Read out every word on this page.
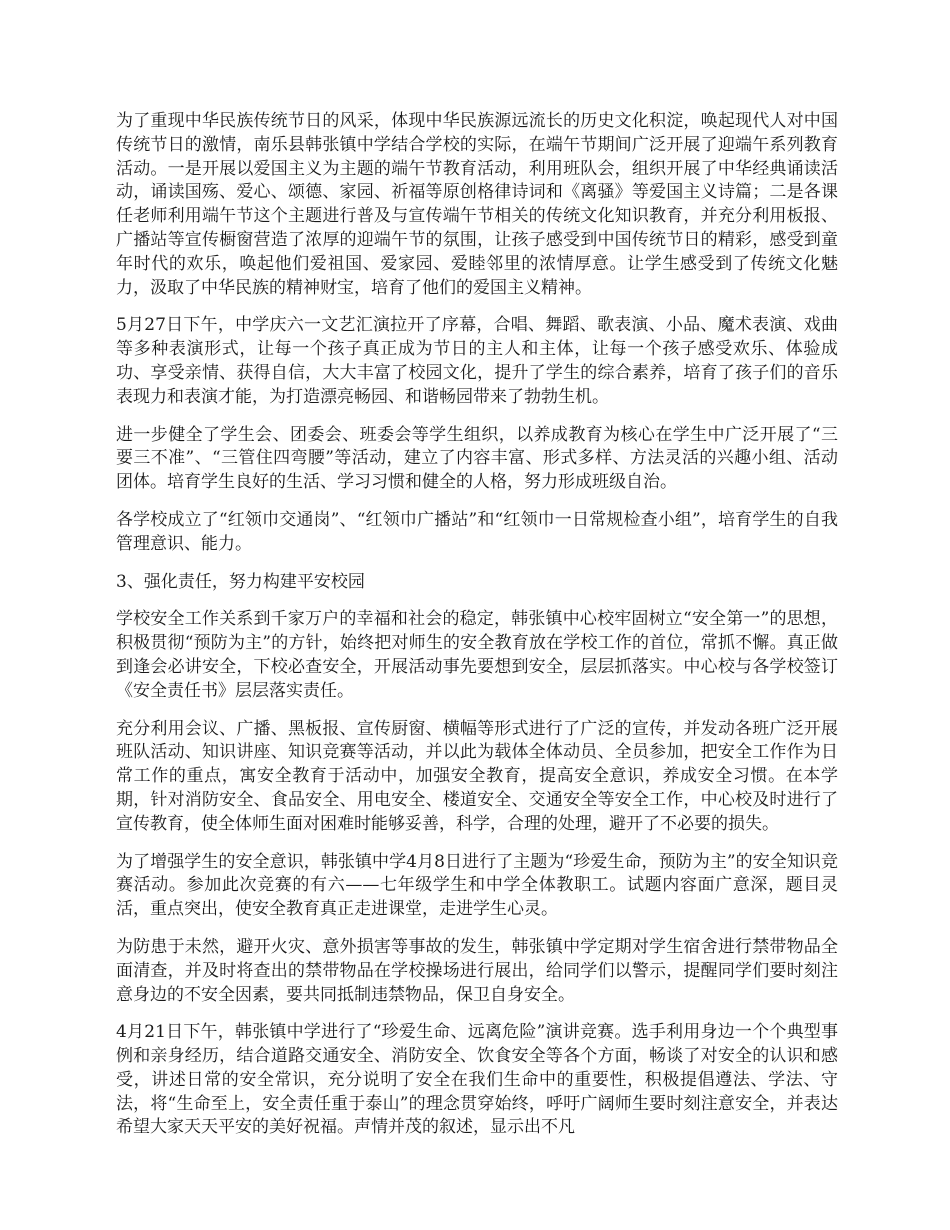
为了重现中华民族传统节日的风采，体现中华民族源远流长的历史文化积淀，唤起现代人对中国传统节日的激情，南乐县韩张镇中学结合学校的实际，在端午节期间广泛开展了迎端午系列教育活动。一是开展以爱国主义为主题的端午节教育活动，利用班队会，组织开展了中华经典诵读活动，诵读国殇、爱心、颂德、家园、祈福等原创格律诗词和《离骚》等爱国主义诗篇；二是各课任老师利用端午节这个主题进行普及与宣传端午节相关的传统文化知识教育，并充分利用板报、广播站等宣传橱窗营造了浓厚的迎端午节的氛围，让孩子感受到中国传统节日的精彩，感受到童年时代的欢乐，唤起他们爱祖国、爱家园、爱睦邻里的浓情厚意。让学生感受到了传统文化魅力，汲取了中华民族的精神财宝，培育了他们的爱国主义精神。

5月27日下午，中学庆六一文艺汇演拉开了序幕，合唱、舞蹈、歌表演、小品、魔术表演、戏曲等多种表演形式，让每一个孩子真正成为节日的主人和主体，让每一个孩子感受欢乐、体验成功、享受亲情、获得自信，大大丰富了校园文化，提升了学生的综合素养，培育了孩子们的音乐表现力和表演才能，为打造漂亮畅园、和谐畅园带来了勃勃生机。

进一步健全了学生会、团委会、班委会等学生组织，以养成教育为核心在学生中广泛开展了“三要三不准”、“三管住四弯腰”等活动，建立了内容丰富、形式多样、方法灵活的兴趣小组、活动团体。培育学生良好的生活、学习习惯和健全的人格，努力形成班级自治。

各学校成立了“红领巾交通岗”、“红领巾广播站”和“红领巾一日常规检查小组”，培育学生的自我管理意识、能力。

3、强化责任，努力构建平安校园

学校安全工作关系到千家万户的幸福和社会的稳定，韩张镇中心校牢固树立“安全第一”的思想，积极贯彻“预防为主”的方针，始终把对师生的安全教育放在学校工作的首位，常抓不懈。真正做到逢会必讲安全，下校必查安全，开展活动事先要想到安全，层层抓落实。中心校与各学校签订《安全责任书》层层落实责任。

充分利用会议、广播、黑板报、宣传厨窗、横幅等形式进行了广泛的宣传，并发动各班广泛开展班队活动、知识讲座、知识竞赛等活动，并以此为载体全体动员、全员参加，把安全工作作为日常工作的重点，寓安全教育于活动中，加强安全教育，提高安全意识，养成安全习惯。在本学期，针对消防安全、食品安全、用电安全、楼道安全、交通安全等安全工作，中心校及时进行了宣传教育，使全体师生面对困难时能够妥善，科学，合理的处理，避开了不必要的损失。

为了增强学生的安全意识，韩张镇中学4月8日进行了主题为“珍爱生命，预防为主”的安全知识竞赛活动。参加此次竞赛的有六——七年级学生和中学全体教职工。试题内容面广意深，题目灵活，重点突出，使安全教育真正走进课堂，走进学生心灵。

为防患于未然，避开火灾、意外损害等事故的发生，韩张镇中学定期对学生宿舍进行禁带物品全面清查，并及时将查出的禁带物品在学校操场进行展出，给同学们以警示，提醒同学们要时刻注意身边的不安全因素，要共同抵制违禁物品，保卫自身安全。

4月21日下午，韩张镇中学进行了“珍爱生命、远离危险”演讲竞赛。选手利用身边一个个典型事例和亲身经历，结合道路交通安全、消防安全、饮食安全等各个方面，畅谈了对安全的认识和感受，讲述日常的安全常识，充分说明了安全在我们生命中的重要性，积极提倡遵法、学法、守法，将“生命至上，安全责任重于泰山”的理念贯穿始终，呼吁广阔师生要时刻注意安全，并表达希望大家天天平安的美好祝福。声情并茂的叙述，显示出不凡
